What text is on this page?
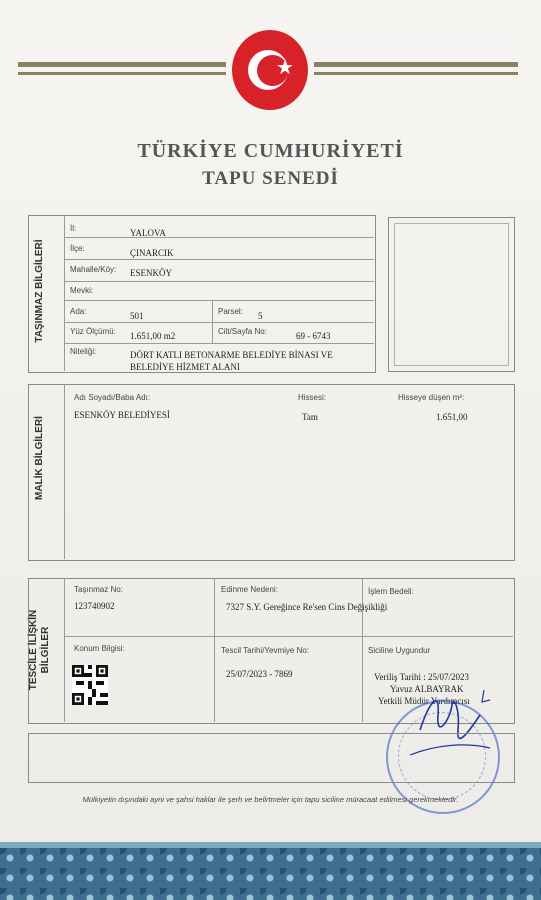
★
TÜRKİYE CUMHURİYETİ
TAPU SENEDİ
TAŞINMAZ BİLGİLERİ
İl:	YALOVA
İlçe:	ÇINARCIK
Mahalle/Köy: ESENKÖY
Mevki:
Ada:	501	Parsel: 5
Yüz Ölçümü: 1.651,00 m2	Cilt/Sayfa No:	69 - 6743
Niteliği:	DÖRT KATLI BETONARME BELEDİYE BİNASI VE
BELEDİYE HİZMET ALANI
MALİK BİLGİLERİ
Adı Soyadı/Baba Adı:
ESENKÖY BELEDİYESİ
Hissesi:
Tam
Hisseye düşen m²:
1.651,00
TESCİLE İLİŞKİN
BİLGİLER
Taşınmaz No:
123740902
Edinme Nedeni:
7327 S.Y. Gereğince Re'sen Cins Değişikliği
İşlem Bedeli:
Konum Bilgisi:	Tescil Tarihi/Yevmiye No:
25/07/2023 - 7869
Siciline Uygundur
Veriliş Tarihi : 25/07/2023
Yavuz ALBAYRAK
Yetkili Müdür Yardımcısı
Mülkiyetin dışındaki ayni ve şahsi haklar ile şerh ve belirtmeler için tapu siciline müracaat edilmesi gerekmektedir.
